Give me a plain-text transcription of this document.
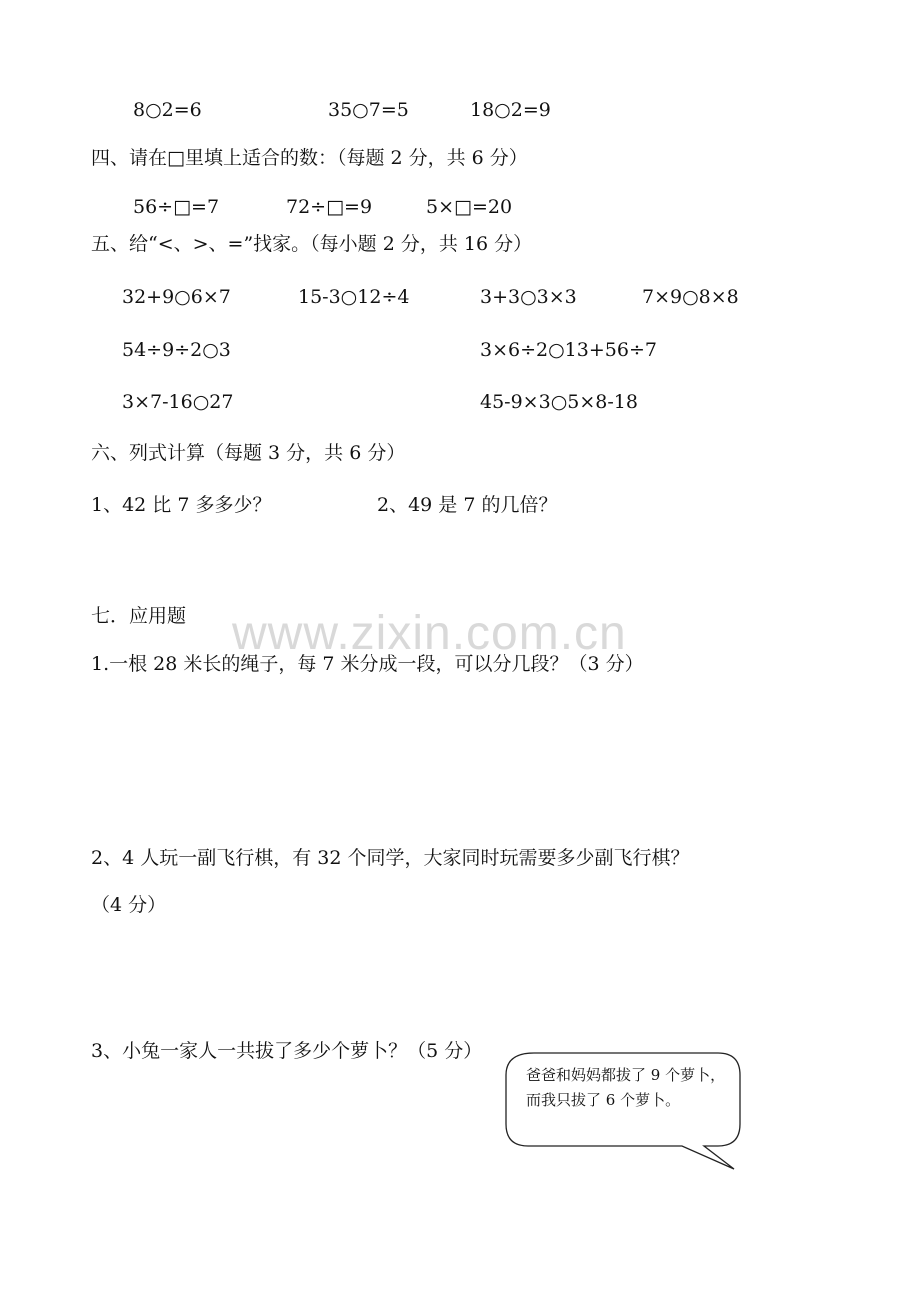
8○2=6	35○7=5	18○2=9
四、请在□里填上适合的数：（每题 2 分，共 6 分）
56÷□=7	72÷□=9	5×□=20
五、给“<、>、=”找家。（每小题 2 分，共 16 分）
32+9○6×7	15-3○12÷4	3+3○3×3	7×9○8×8
54÷9÷2○3	3×6÷2○13+56÷7
3×7-16○27	45-9×3○5×8-18
六、列式计算（每题 3 分，共 6 分）
1、42 比 7 多多少？	2、49 是 7 的几倍？
www.zixin.com.cn
七．应用题
1.一根 28 米长的绳子，每 7 米分成一段，可以分几段？（3 分）
2、4 人玩一副飞行棋，有 32 个同学，大家同时玩需要多少副飞行棋？
（4 分）
3、小兔一家人一共拔了多少个萝卜？（5 分）
爸爸和妈妈都拔了 9 个萝卜，
而我只拔了 6 个萝卜。
